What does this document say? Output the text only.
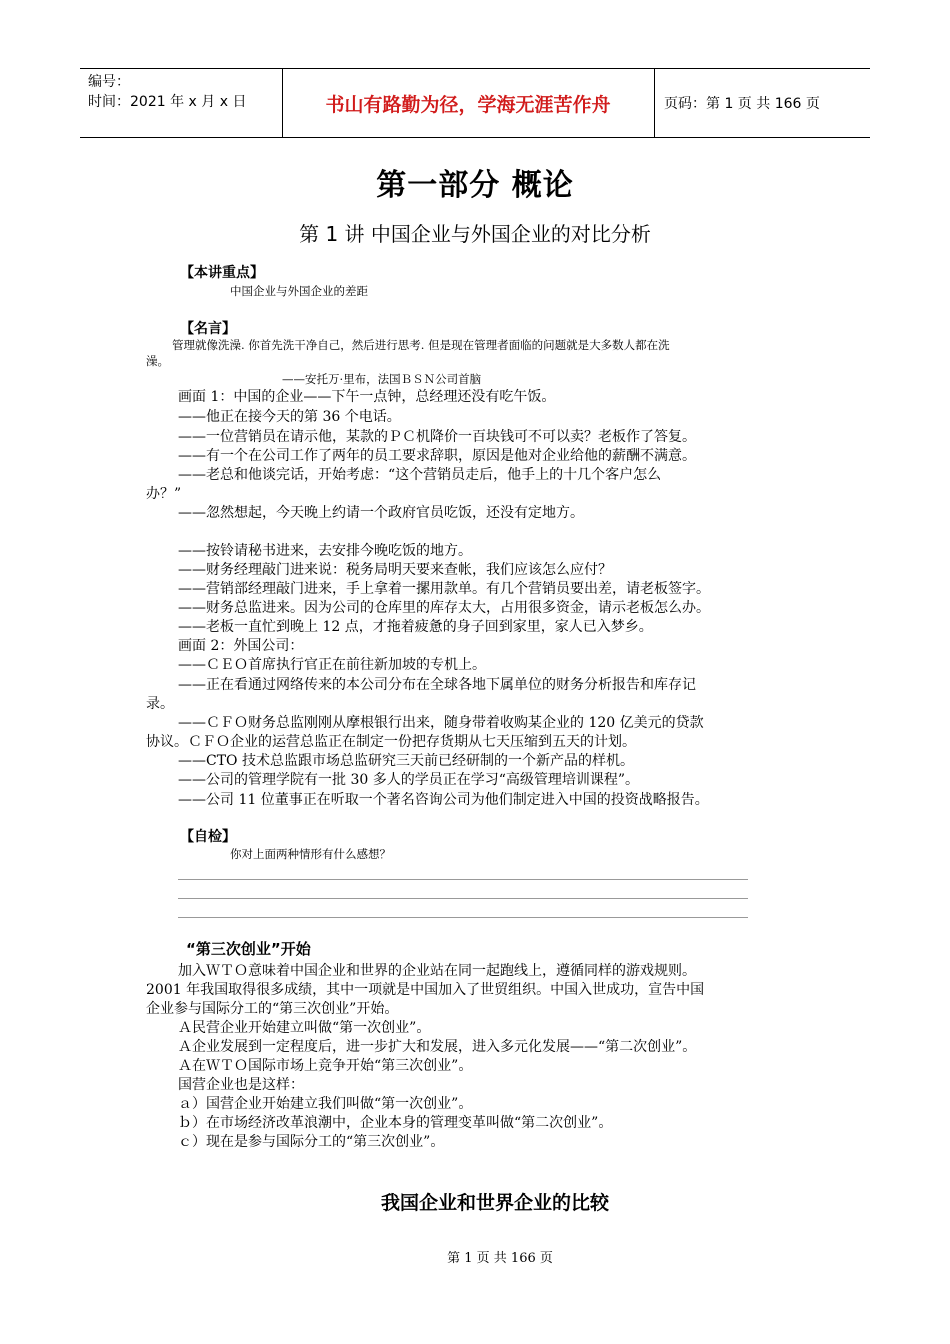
编号：
时间：2021 年 x 月 x 日	书山有路勤为径，学海无涯苦作舟	页码：第 1 页 共 166 页
第一部分 概论
第 1 讲 中国企业与外国企业的对比分析
【本讲重点】
中国企业与外国企业的差距
【名言】
管理就像洗澡. 你首先洗干净自己，然后进行思考. 但是现在管理者面临的问题就是大多数人都在洗
澡。
——安托万·里布，法国ＢＳＮ公司首脑
画面 1：中国的企业——下午一点钟，总经理还没有吃午饭。
——他正在接今天的第 36 个电话。
——一位营销员在请示他，某款的ＰＣ机降价一百块钱可不可以卖？老板作了答复。
——有一个在公司工作了两年的员工要求辞职，原因是他对企业给他的薪酬不满意。
——老总和他谈完话，开始考虑：“这个营销员走后，他手上的十几个客户怎么
办？”
——忽然想起，今天晚上约请一个政府官员吃饭，还没有定地方。
——按铃请秘书进来，去安排今晚吃饭的地方。
——财务经理敲门进来说：税务局明天要来查帐，我们应该怎么应付？
——营销部经理敲门进来，手上拿着一摞用款单。有几个营销员要出差，请老板签字。
——财务总监进来。因为公司的仓库里的库存太大，占用很多资金，请示老板怎么办。
——老板一直忙到晚上 12 点，才拖着疲惫的身子回到家里，家人已入梦乡。
画面 2：外国公司：
——ＣＥＯ首席执行官正在前往新加坡的专机上。
——正在看通过网络传来的本公司分布在全球各地下属单位的财务分析报告和库存记
录。
——ＣＦＯ财务总监刚刚从摩根银行出来，随身带着收购某企业的 120 亿美元的贷款
协议。ＣＦＯ企业的运营总监正在制定一份把存货期从七天压缩到五天的计划。
——CTO 技术总监跟市场总监研究三天前已经研制的一个新产品的样机。
——公司的管理学院有一批 30 多人的学员正在学习“高级管理培训课程”。
——公司 11 位董事正在听取一个著名咨询公司为他们制定进入中国的投资战略报告。
【自检】
你对上面两种情形有什么感想？
“第三次创业”开始
加入ＷＴＯ意味着中国企业和世界的企业站在同一起跑线上，遵循同样的游戏规则。
2001 年我国取得很多成绩，其中一项就是中国加入了世贸组织。中国入世成功，宣告中国
企业参与国际分工的“第三次创业”开始。
Ａ民营企业开始建立叫做“第一次创业”。
Ａ企业发展到一定程度后，进一步扩大和发展，进入多元化发展——“第二次创业”。
Ａ在ＷＴＯ国际市场上竞争开始“第三次创业”。
国营企业也是这样：
ａ）国营企业开始建立我们叫做“第一次创业”。
ｂ）在市场经济改革浪潮中，企业本身的管理变革叫做“第二次创业”。
ｃ）现在是参与国际分工的“第三次创业”。
我国企业和世界企业的比较
第 1 页 共 166 页
